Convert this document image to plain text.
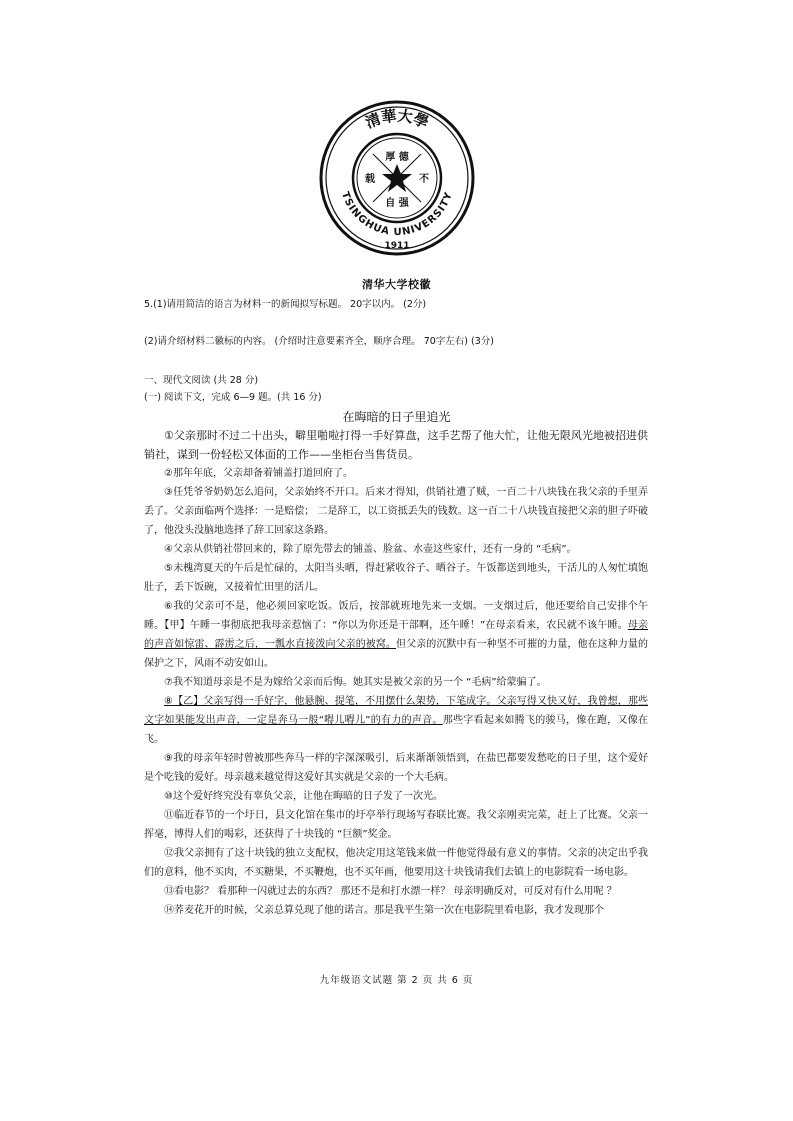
清華大學
TSINGHUA UNIVERSITY
1911
厚 德
自 强
载	不
清华大学校徽
5.(1)请用简洁的语言为材料一的新闻拟写标题。 20字以内。 (2分)
(2)请介绍材料二徽标的内容。 (介绍时注意要素齐全，顺序合理。 70字左右) (3分)
一、现代文阅读 (共 28 分)
(一) 阅读下文，完成 6—9 题。(共 16 分)
在晦暗的日子里追光

①父亲那时不过二十出头，噼里啪啦打得一手好算盘，这手艺帮了他大忙，让他无限风光地被招进供销社，谋到一份轻松又体面的工作——坐柜台当售货员。

②那年年底，父亲却备着铺盖打道回府了。

③任凭爷爷奶奶怎么追问，父亲始终不开口。后来才得知，供销社遭了贼，一百二十八块钱在我父亲的手里弄丢了。父亲面临两个选择：一是赔偿； 二是辞工，以工资抵丢失的钱数。这一百二十八块钱直接把父亲的胆子吓破了，他没头没脑地选择了辞工回家这条路。

④父亲从供销社带回来的，除了原先带去的铺盖、脸盆、水壶这些家什，还有一身的 “毛病”。

⑤未槐湾夏天的午后是忙碌的，太阳当头晒，得赶紧收谷子、晒谷子。午饭都送到地头，干活儿的人匆忙填饱肚子，丢下饭碗，又接着忙田里的活儿。

⑥我的父亲可不是，他必须回家吃饭。饭后，按部就班地先来一支烟。一支烟过后，他还要给自己安排个午睡。【甲】午睡一事彻底把我母亲惹恼了：“你以为你还是干部啊，还午睡！”在母亲看来，农民就不该午睡。母亲的声音如惊雷、霹雳之后，一瓢水直接泼向父亲的被窝。但父亲的沉默中有一种坚不可摧的力量，他在这种力量的保护之下，风雨不动安如山。

⑦我不知道母亲是不是为嫁给父亲而后悔。她其实是被父亲的另一个 “毛病”给蒙骗了。

⑧【乙】父亲写得一手好字，他悬腕、提笔，不用摆什么架势，下笔成字。父亲写得又快又好，我曾想，那些文字如果能发出声音，一定是奔马一般“嘚儿嘚儿”的有力的声音。那些字看起来如腾飞的骏马，像在跑，又像在飞。

⑨我的母亲年轻时曾被那些奔马一样的字深深吸引，后来渐渐领悟到，在盐巴都要发愁吃的日子里，这个爱好是个吃钱的爱好。母亲越来越觉得这爱好其实就是父亲的一个大毛病。

⑩这个爱好终究没有辜负父亲，让他在晦暗的日子发了一次光。

⑪临近春节的一个圩日，县文化馆在集市的圩亭举行现场写春联比赛。我父亲刚卖完菜，赶上了比赛。父亲一挥毫，博得人们的喝彩，还获得了十块钱的 “巨额”奖金。

⑫我父亲拥有了这十块钱的独立支配权，他决定用这笔钱来做一件他觉得最有意义的事情。父亲的决定出乎我们的意料，他不买肉，不买糖果，不买鞭炮，也不买年画，他要用这十块钱请我们去镇上的电影院看一场电影。

⑬看电影？ 看那种一闪就过去的东西？ 那还不是和打水漂一样？ 母亲明确反对，可反对有什么用呢 ？

⑭荞麦花开的时候，父亲总算兑现了他的诺言。那是我平生第一次在电影院里看电影，我才发现那个

九年级语文试题 第 2 页 共 6 页
